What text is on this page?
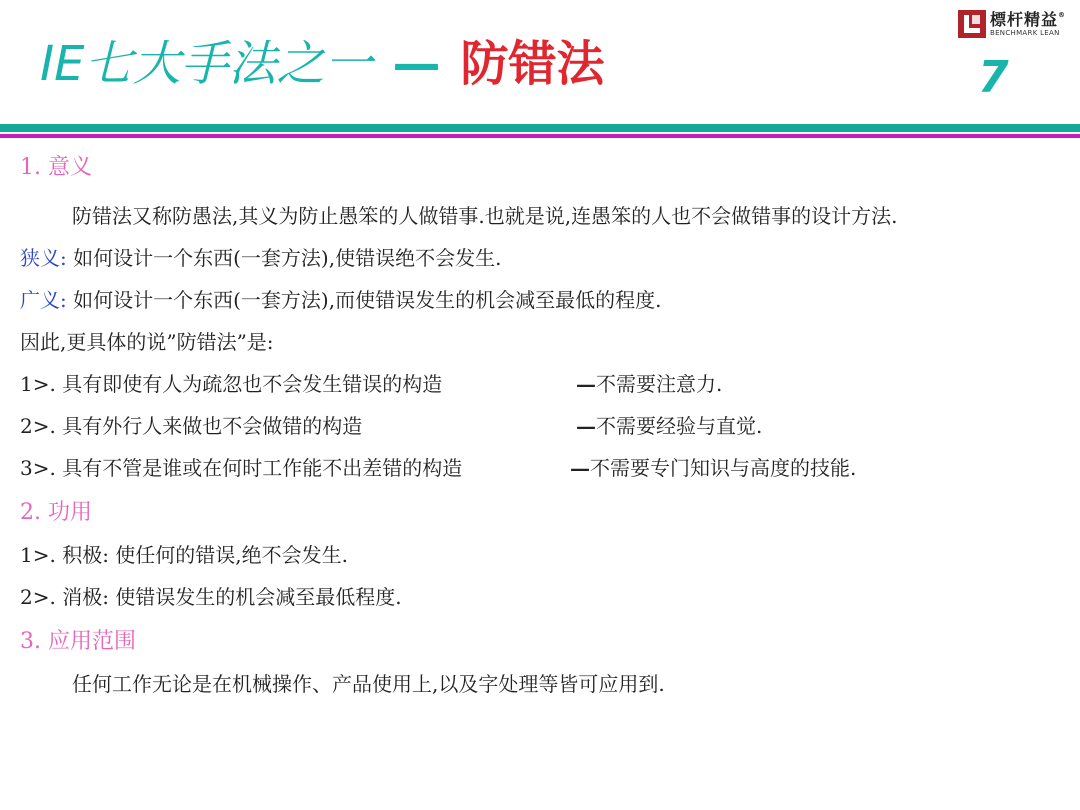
標杆精益®
BENCHMARK LEAN
IE七大手法之一 — 防错法	7
1. 意义

防错法又称防愚法,其义为防止愚笨的人做错事.也就是说,连愚笨的人也不会做错事的设计方法.

狭义: 如何设计一个东西(一套方法),使错误绝不会发生.

广义: 如何设计一个东西(一套方法),而使错误发生的机会减至最低的程度.

因此,更具体的说”防错法”是:

1>. 具有即使有人为疏忽也不会发生错误的构造	—不需要注意力.
2>. 具有外行人来做也不会做错的构造	—不需要经验与直觉.
3>. 具有不管是谁或在何时工作能不出差错的构造	—不需要专门知识与高度的技能.
2. 功用

1>. 积极: 使任何的错误,绝不会发生.

2>. 消极: 使错误发生的机会减至最低程度.

3. 应用范围

任何工作无论是在机械操作、产品使用上,以及字处理等皆可应用到.
